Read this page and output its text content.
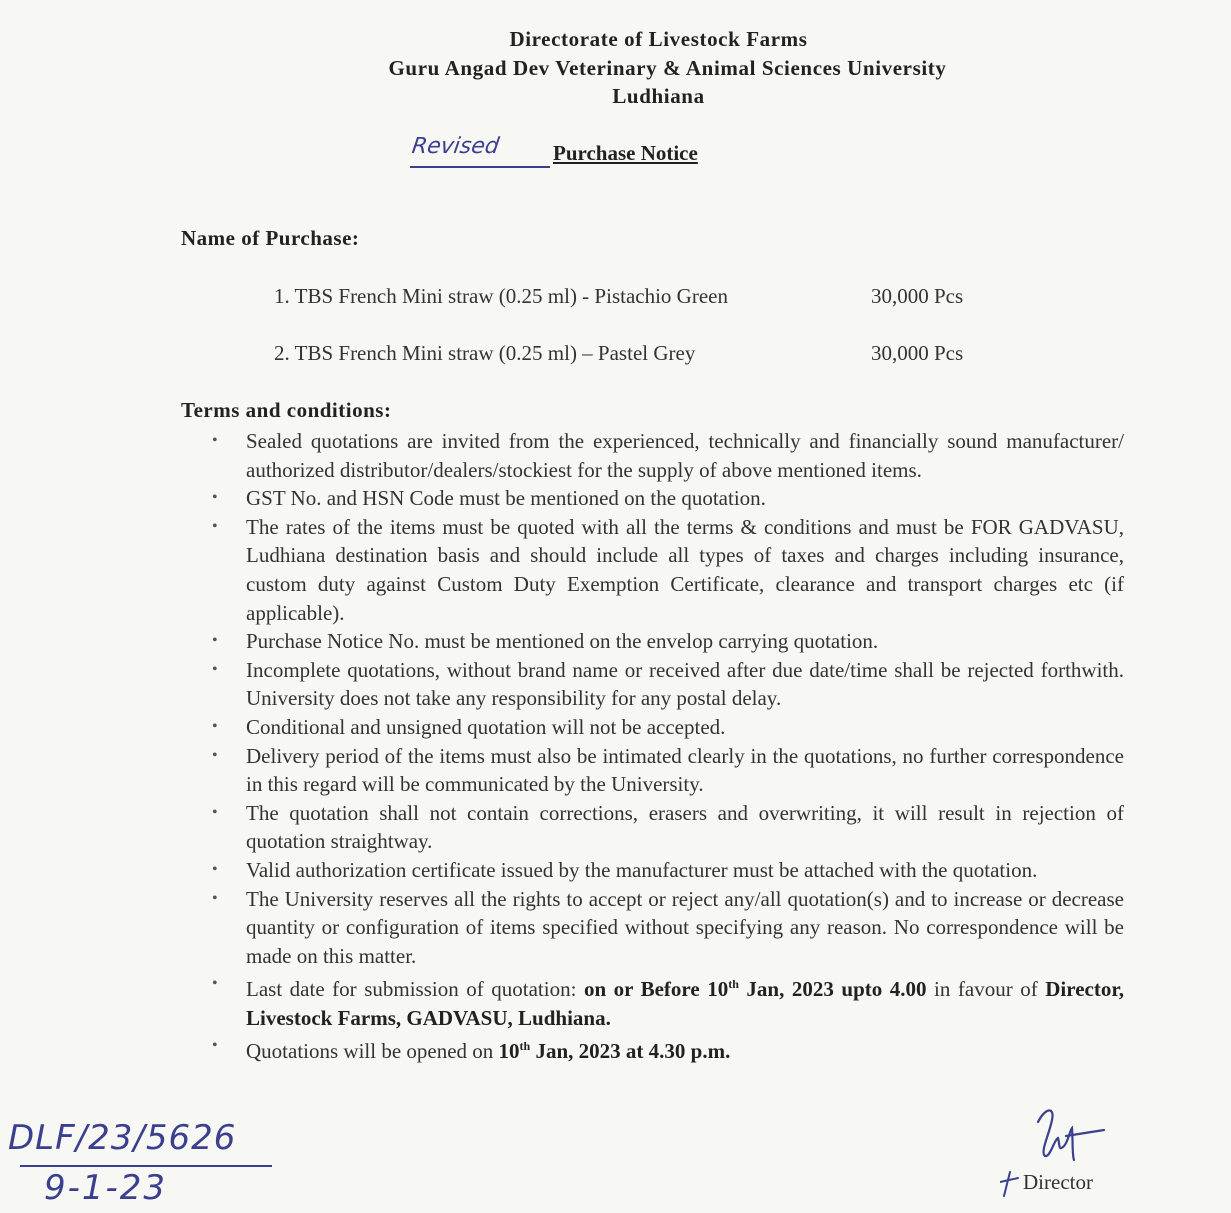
Directorate of Livestock Farms
Guru Angad Dev Veterinary & Animal Sciences University
Ludhiana
Revised Purchase Notice
Name of Purchase:
1. TBS French Mini straw (0.25 ml) - Pistachio Green	30,000 Pcs
2. TBS French Mini straw (0.25 ml) – Pastel Grey	30,000 Pcs
Terms and conditions:
• Sealed quotations are invited from the experienced, technically and financially sound manufacturer/ authorized distributor/dealers/stockiest for the supply of above mentioned items.
• GST No. and HSN Code must be mentioned on the quotation.
• The rates of the items must be quoted with all the terms & conditions and must be FOR GADVASU, Ludhiana destination basis and should include all types of taxes and charges including insurance, custom duty against Custom Duty Exemption Certificate, clearance and transport charges etc (if applicable).
• Purchase Notice No. must be mentioned on the envelop carrying quotation.
• Incomplete quotations, without brand name or received after due date/time shall be rejected forthwith. University does not take any responsibility for any postal delay.
• Conditional and unsigned quotation will not be accepted.
• Delivery period of the items must also be intimated clearly in the quotations, no further correspondence in this regard will be communicated by the University.
• The quotation shall not contain corrections, erasers and overwriting, it will result in rejection of quotation straightway.
• Valid authorization certificate issued by the manufacturer must be attached with the quotation.
• The University reserves all the rights to accept or reject any/all quotation(s) and to increase or decrease quantity or configuration of items specified without specifying any reason. No correspondence will be made on this matter.
• Last date for submission of quotation: on or Before 10th Jan, 2023 upto 4.00 in favour of Director, Livestock Farms, GADVASU, Ludhiana.
• Quotations will be opened on 10th Jan, 2023 at 4.30 p.m.
DLF/23/5626
9-1-23	Director
